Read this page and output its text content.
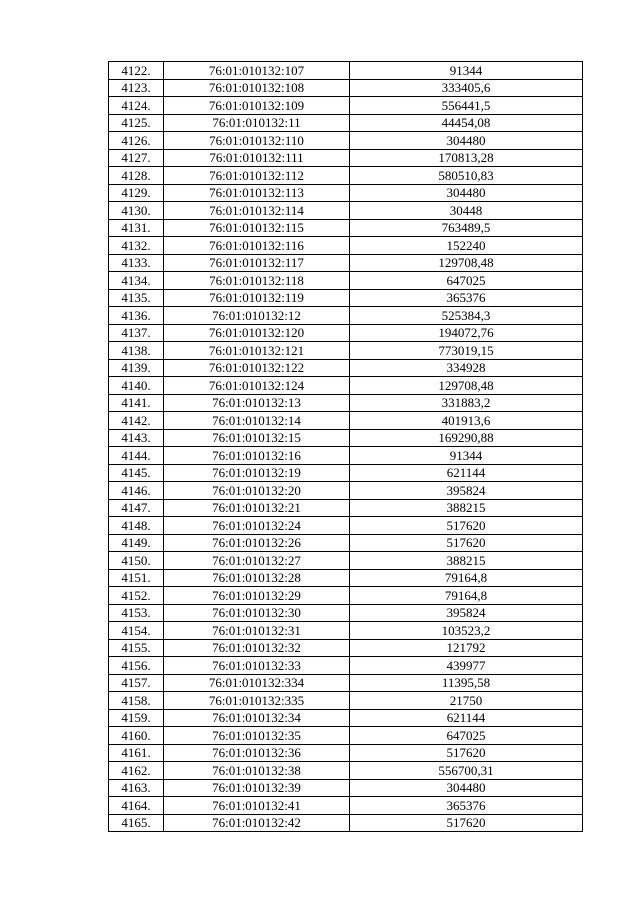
4122.	76:01:010132:107	91344
4123.	76:01:010132:108	333405,6
4124.	76:01:010132:109	556441,5
4125.	76:01:010132:11	44454,08
4126.	76:01:010132:110	304480
4127.	76:01:010132:111	170813,28
4128.	76:01:010132:112	580510,83
4129.	76:01:010132:113	304480
4130.	76:01:010132:114	30448
4131.	76:01:010132:115	763489,5
4132.	76:01:010132:116	152240
4133.	76:01:010132:117	129708,48
4134.	76:01:010132:118	647025
4135.	76:01:010132:119	365376
4136.	76:01:010132:12	525384,3
4137.	76:01:010132:120	194072,76
4138.	76:01:010132:121	773019,15
4139.	76:01:010132:122	334928
4140.	76:01:010132:124	129708,48
4141.	76:01:010132:13	331883,2
4142.	76:01:010132:14	401913,6
4143.	76:01:010132:15	169290,88
4144.	76:01:010132:16	91344
4145.	76:01:010132:19	621144
4146.	76:01:010132:20	395824
4147.	76:01:010132:21	388215
4148.	76:01:010132:24	517620
4149.	76:01:010132:26	517620
4150.	76:01:010132:27	388215
4151.	76:01:010132:28	79164,8
4152.	76:01:010132:29	79164,8
4153.	76:01:010132:30	395824
4154.	76:01:010132:31	103523,2
4155.	76:01:010132:32	121792
4156.	76:01:010132:33	439977
4157.	76:01:010132:334	11395,58
4158.	76:01:010132:335	21750
4159.	76:01:010132:34	621144
4160.	76:01:010132:35	647025
4161.	76:01:010132:36	517620
4162.	76:01:010132:38	556700,31
4163.	76:01:010132:39	304480
4164.	76:01:010132:41	365376
4165.	76:01:010132:42	517620
